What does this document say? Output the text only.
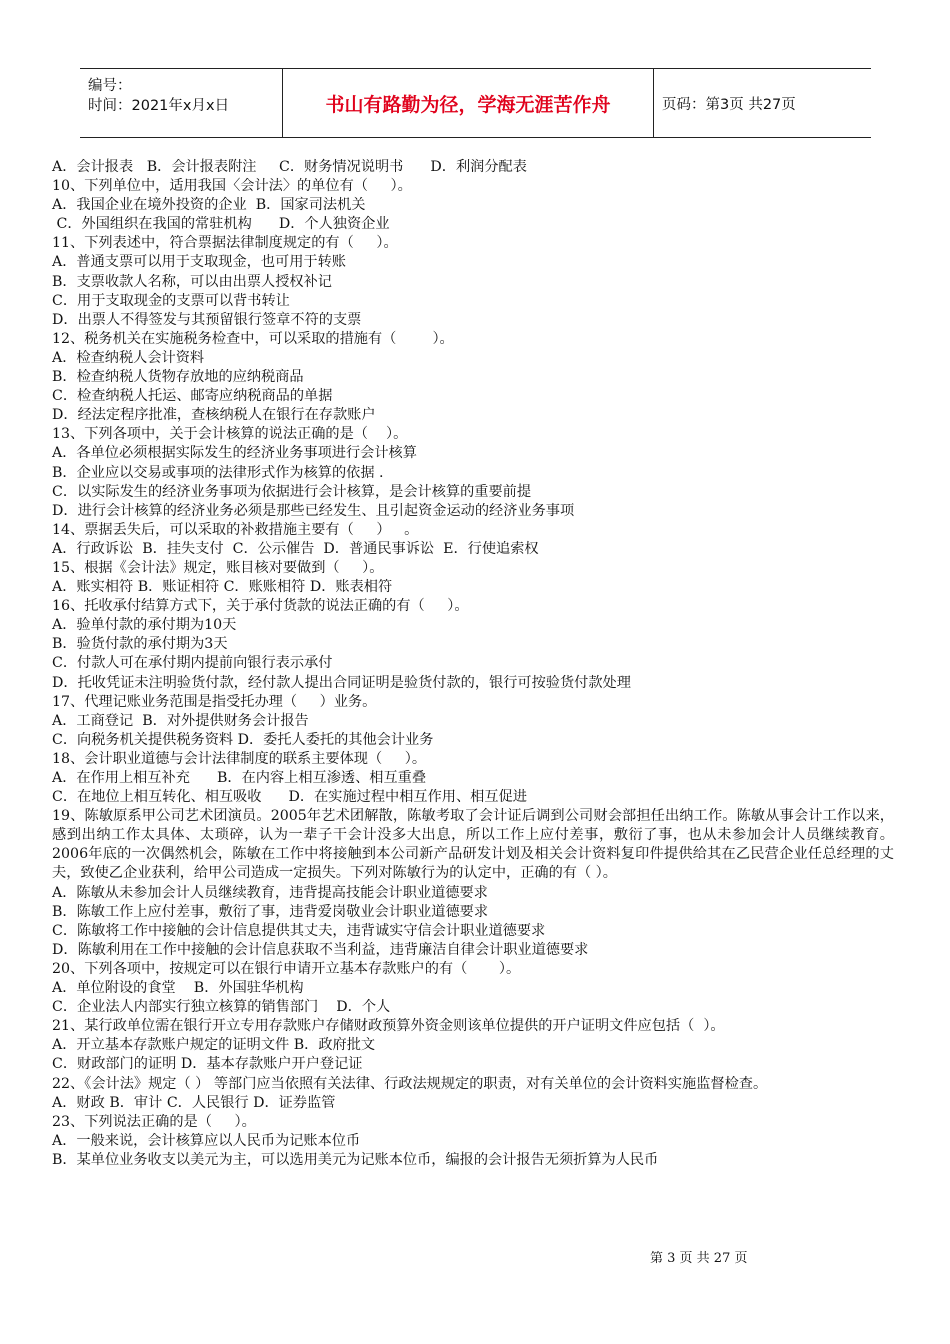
编号：
时间：2021年x月x日	书山有路勤为径，学海无涯苦作舟	页码：第3页 共27页
A．会计报表   B．会计报表附注     C．财务情况说明书      D．利润分配表
10、下列单位中，适用我国〈会计法〉的单位有（     ）。
A．我国企业在境外投资的企业  B．国家司法机关
C．外国组织在我国的常驻机构      D．个人独资企业
11、下列表述中，符合票据法律制度规定的有（     ）。
A．普通支票可以用于支取现金，也可用于转账
B．支票收款人名称，可以由出票人授权补记
C．用于支取现金的支票可以背书转让
D．出票人不得签发与其预留银行签章不符的支票
12、税务机关在实施税务检查中，可以采取的措施有（        ）。
A．检查纳税人会计资料
B．检查纳税人货物存放地的应纳税商品
C．检查纳税人托运、邮寄应纳税商品的单据
D．经法定程序批准，查核纳税人在银行在存款账户
13、下列各项中，关于会计核算的说法正确的是（    ）。
A．各单位必须根据实际发生的经济业务事项进行会计核算
B．企业应以交易或事项的法律形式作为核算的依据 .
C．以实际发生的经济业务事项为依据进行会计核算，是会计核算的重要前提
D．进行会计核算的经济业务必须是那些已经发生、且引起资金运动的经济业务事项
14、票据丢失后，可以采取的补救措施主要有（     ）   。
A．行政诉讼  B．挂失支付  C．公示催告  D．普通民事诉讼  E．行使追索权
15、根据《会计法》规定，账目核对要做到（     ）。
A．账实相符 B．账证相符 C．账账相符 D．账表相符
16、托收承付结算方式下，关于承付货款的说法正确的有（     ）。
A．验单付款的承付期为10天
B．验货付款的承付期为3天
C．付款人可在承付期内提前向银行表示承付
D．托收凭证未注明验货付款，经付款人提出合同证明是验货付款的，银行可按验货付款处理
17、代理记账业务范围是指受托办理（     ）业务。
A．工商登记  B．对外提供财务会计报告
C．向税务机关提供税务资料 D．委托人委托的其他会计业务
18、会计职业道德与会计法律制度的联系主要体现（     ）。
A．在作用上相互补充      B．在内容上相互渗透、相互重叠
C．在地位上相互转化、相互吸收      D．在实施过程中相互作用、相互促进
19、陈敏原系甲公司艺术团演员。2005年艺术团解散，陈敏考取了会计证后调到公司财会部担任出纳工作。陈敏从事会计工作以来，感到出纳工作太具体、太琐碎，认为一辈子干会计没多大出息，所以工作上应付差事，敷衍了事，也从未参加会计人员继续教育。2006年底的一次偶然机会，陈敏在工作中将接触到本公司新产品研发计划及相关会计资料复印件提供给其在乙民营企业任总经理的丈夫，致使乙企业获利，给甲公司造成一定损失。下列对陈敏行为的认定中，正确的有（ ）。
A．陈敏从未参加会计人员继续教育，违背提高技能会计职业道德要求
B．陈敏工作上应付差事，敷衍了事，违背爱岗敬业会计职业道德要求
C．陈敏将工作中接触的会计信息提供其丈夫，违背诚实守信会计职业道德要求
D．陈敏利用在工作中接触的会计信息获取不当利益，违背廉洁自律会计职业道德要求
20、下列各项中，按规定可以在银行申请开立基本存款账户的有（       ）。
A．单位附设的食堂    B．外国驻华机构
C．企业法人内部实行独立核算的销售部门    D．个人
21、某行政单位需在银行开立专用存款账户存储财政预算外资金则该单位提供的开户证明文件应包括（  ）。
A．开立基本存款账户规定的证明文件 B．政府批文
C．财政部门的证明 D．基本存款账户开户登记证
22、《会计法》规定（ ） 等部门应当依照有关法律、行政法规规定的职责，对有关单位的会计资料实施监督检查。
A．财政 B．审计 C．人民银行 D．证券监管
23、下列说法正确的是（     ）。
A．一般来说，会计核算应以人民币为记账本位币
B．某单位业务收支以美元为主，可以选用美元为记账本位币，编报的会计报告无须折算为人民币
第 3 页 共 27 页
